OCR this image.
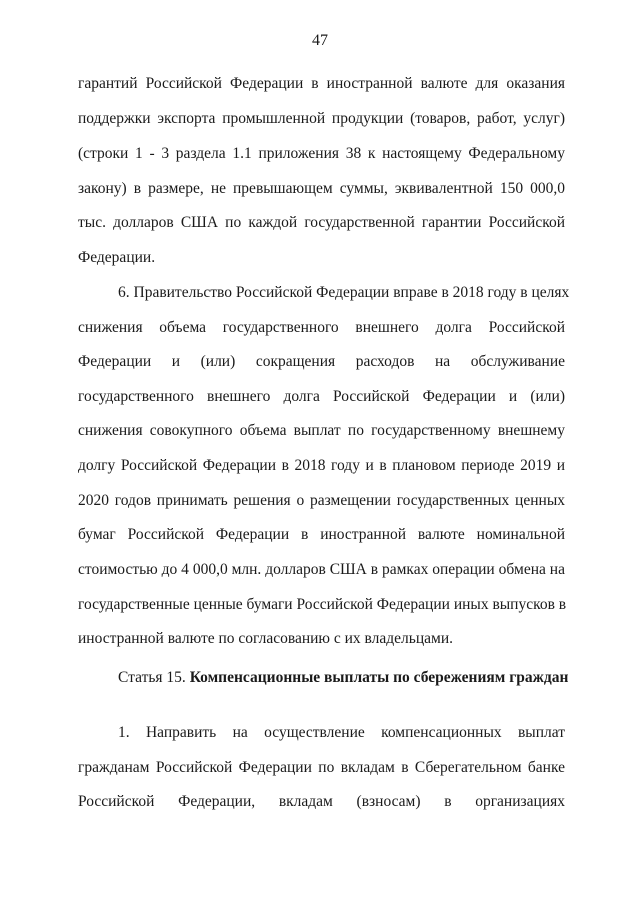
47
гарантий Российской Федерации в иностранной валюте для оказания
поддержки экспорта промышленной продукции (товаров, работ, услуг)
(строки 1 - 3 раздела 1.1 приложения 38 к настоящему Федеральному
закону) в размере, не превышающем суммы, эквивалентной 150 000,0
тыс. долларов США по каждой государственной гарантии Российской
Федерации.
6. Правительство Российской Федерации вправе в 2018 году в целях
снижения объема государственного внешнего долга Российской
Федерации и (или) сокращения расходов на обслуживание
государственного внешнего долга Российской Федерации и (или)
снижения совокупного объема выплат по государственному внешнему
долгу Российской Федерации в 2018 году и в плановом периоде 2019 и
2020 годов принимать решения о размещении государственных ценных
бумаг Российской Федерации в иностранной валюте номинальной
стоимостью до 4 000,0 млн. долларов США в рамках операции обмена на
государственные ценные бумаги Российской Федерации иных выпусков в
иностранной валюте по согласованию с их владельцами.
Статья 15. Компенсационные выплаты по сбережениям граждан
1. Направить на осуществление компенсационных выплат
гражданам Российской Федерации по вкладам в Сберегательном банке
Российской Федерации, вкладам (взносам) в организациях
